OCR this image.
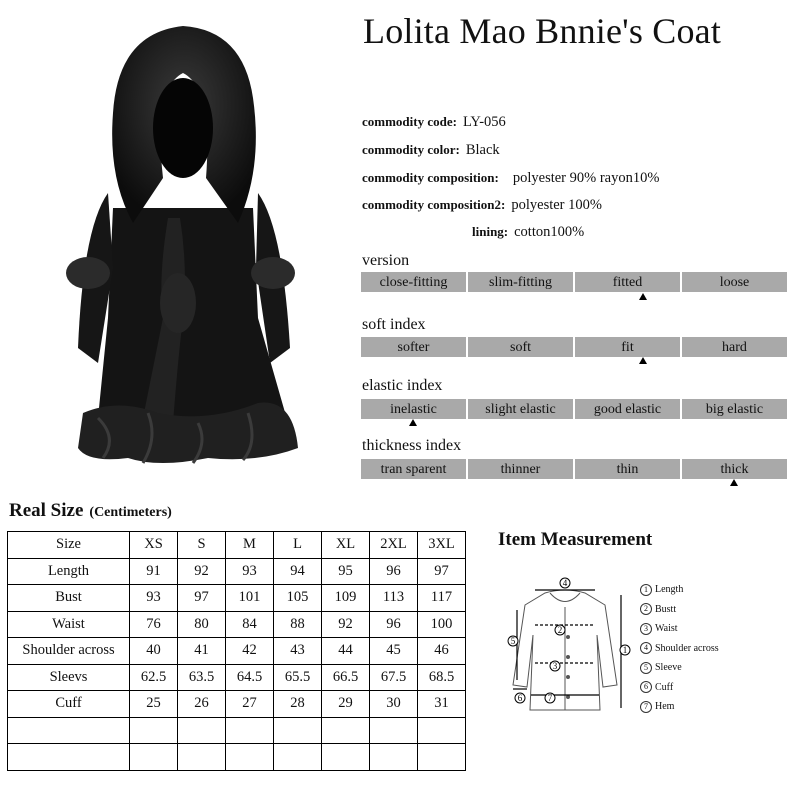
Lolita Mao Bnnie's Coat
commodity code: LY-056
commodity color: Black
commodity composition: polyester 90% rayon10%
commodity composition2: polyester 100%
lining: cotton100%
version
close-fitting	slim-fitting	fitted	loose
soft index
softer	soft	fit	hard
elastic index
inelastic	slight elastic	good elastic	big elastic
thickness index
tran sparent	thinner	thin	thick
Real Size (Centimeters)
Size	XS	S	M	L	XL	2XL	3XL
Length	91	92	93	94	95	96	97
Bust	93	97	101	105	109	113	117
Waist	76	80	84	88	92	96	100
Shoulder across	40	41	42	43	44	45	46
Sleevs	62.5	63.5	64.5	65.5	66.5	67.5	68.5
Cuff	25	26	27	28	29	30	31

Item Measurement
4
2
3
1
5
6	7
1 Length
2 Bustt
3 Waist
4 Shoulder across
5 Sleeve
6 Cuff
7 Hem
